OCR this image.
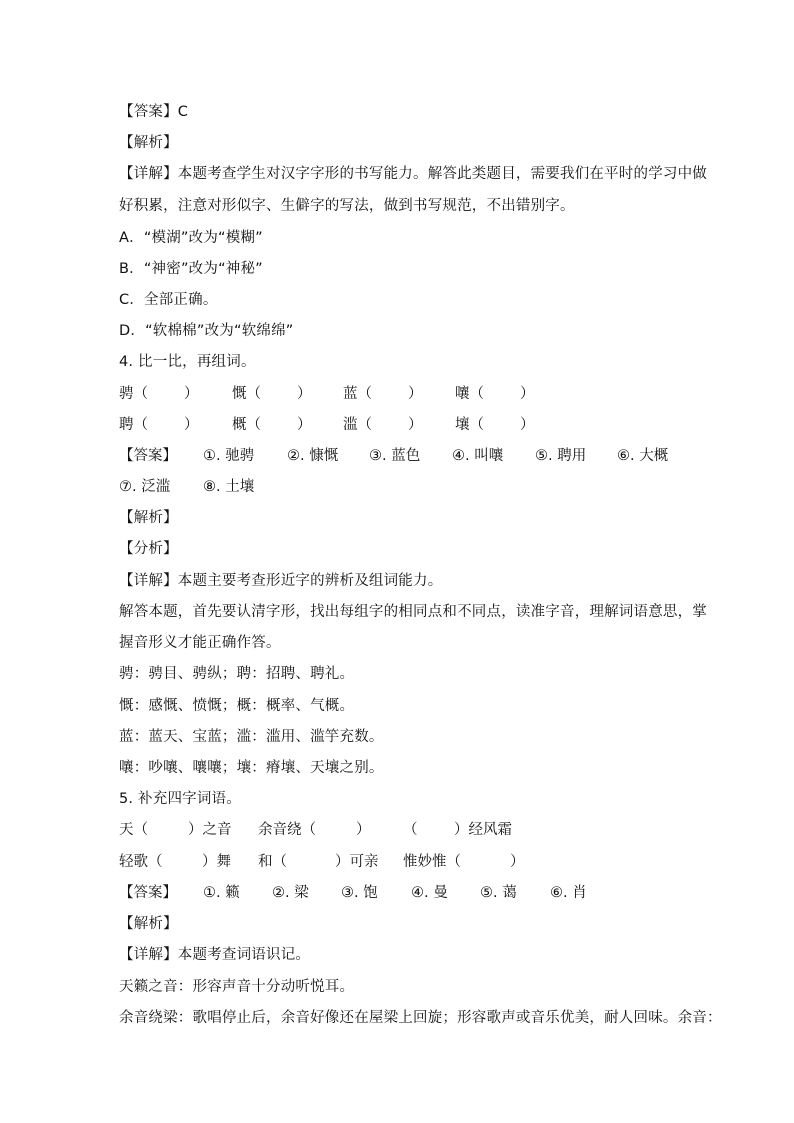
【答案】C
【解析】
【详解】本题考查学生对汉字字形的书写能力。解答此类题目，需要我们在平时的学习中做
好积累，注意对形似字、生僻字的写法，做到书写规范，不出错别字。
A．“模湖”改为“模糊”
B．“神密”改为“神秘”
C．全部正确。
D．“软棉棉”改为“软绵绵”
4. 比一比，再组词。
骋（ ） 慨（ ） 蓝（ ） 嚷（ ）
聘（ ） 概（ ） 滥（ ） 壤（ ）
【答案】 ①. 驰骋 ②. 慷慨 ③. 蓝色 ④. 叫嚷 ⑤. 聘用 ⑥. 大概
⑦. 泛滥 ⑧. 土壤
【解析】
【分析】
【详解】本题主要考查形近字的辨析及组词能力。
解答本题，首先要认清字形，找出每组字的相同点和不同点，读准字音，理解词语意思，掌
握音形义才能正确作答。
骋：骋目、骋纵；聘：招聘、聘礼。
慨：感慨、愤慨；概：概率、气概。
蓝：蓝天、宝蓝；滥：滥用、滥竽充数。
嚷：吵嚷、嚷嚷；壤：瘠壤、天壤之别。
5. 补充四字词语。
天（	）之音 余音绕（	） （	）经风霜
轻歌（	）舞 和（	）可亲 惟妙惟（	）
【答案】 ①. 籁 ②. 梁 ③. 饱 ④. 曼 ⑤. 蔼 ⑥. 肖
【解析】
【详解】本题考查词语识记。
天籁之音：形容声音十分动听悦耳。
余音绕梁：歌唱停止后，余音好像还在屋梁上回旋；形容歌声或音乐优美，耐人回味。余音：
